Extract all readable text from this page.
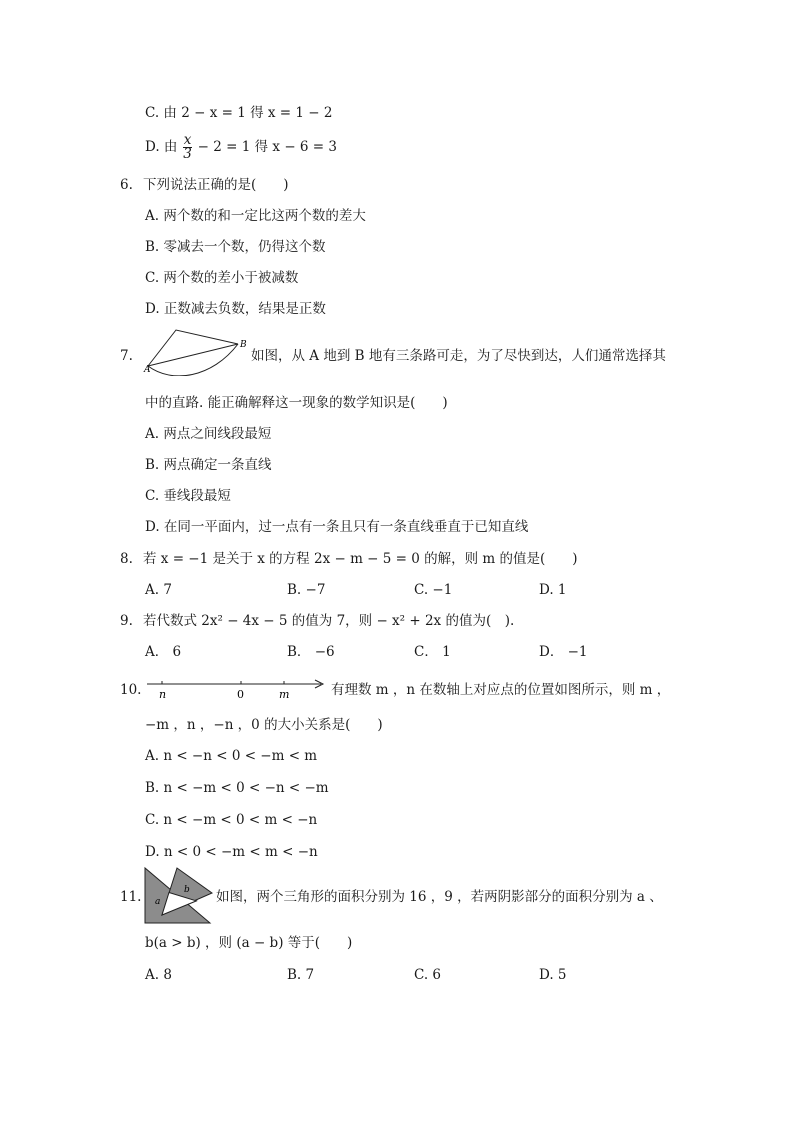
C. 由 2 − x = 1 得 x = 1 − 2
D. 由 $\frac{x}{3} - 2 = 1$ 得 x − 6 = 3
6. 下列说法正确的是(　　)
A. 两个数的和一定比这两个数的差大
B. 零减去一个数，仍得这个数
C. 两个数的差小于被减数
D. 正数减去负数，结果是正数
7.
A
B
如图，从 A 地到 B 地有三条路可走，为了尽快到达，人们通常选择其
中的直路. 能正确解释这一现象的数学知识是(　　)
A. 两点之间线段最短
B. 两点确定一条直线
C. 垂线段最短
D. 在同一平面内，过一点有一条且只有一条直线垂直于已知直线
8. 若 x = −1 是关于 x 的方程 2x − m − 5 = 0 的解，则 m 的值是(　　)
A. 7	B. −7	C. −1	D. 1
9. 若代数式 2x² − 4x − 5 的值为 7，则 − x² + 2x 的值为(　).
A． 6	B． −6	C． 1	D． −1
10. n	0	m	有理数 m ，n 在数轴上对应点的位置如图所示，则 m ，
−m ，n ，−n ，0 的大小关系是(　　)
A. n < −n < 0 < −m < m
B. n < −m < 0 < −n < −m
C. n < −m < 0 < m < −n
D. n < 0 < −m < m < −n
11. a
b 如图，两个三角形的面积分别为 16 ，9 ，若两阴影部分的面积分别为 a 、
b(a > b) ，则 (a − b) 等于(　　)
A. 8	B. 7	C. 6	D. 5
